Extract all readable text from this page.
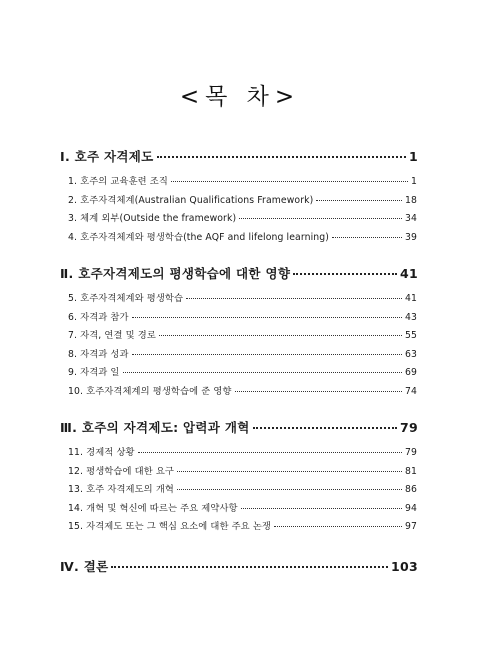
<목 차>
Ⅰ. 호주 자격제도	1
1. 호주의 교육훈련 조직	1
2. 호주자격체계(Australian Qualifications Framework)	18
3. 체계 외부(Outside the framework)	34
4. 호주자격체계와 평생학습(the AQF and lifelong learning)	39
Ⅱ. 호주자격제도의 평생학습에 대한 영향	41
5. 호주자격체계와 평생학습	41
6. 자격과 참가	43
7. 자격, 연결 및 경로	55
8. 자격과 성과	63
9. 자격과 일	69
10. 호주자격체계의 평생학습에 준 영향	74
Ⅲ. 호주의 자격제도: 압력과 개혁	79
11. 경제적 상황	79
12. 평생학습에 대한 요구	81
13. 호주 자격제도의 개혁	86
14. 개혁 및 혁신에 따르는 주요 제약사항	94
15. 자격제도 또는 그 핵심 요소에 대한 주요 논쟁	97
Ⅳ. 결론	103
